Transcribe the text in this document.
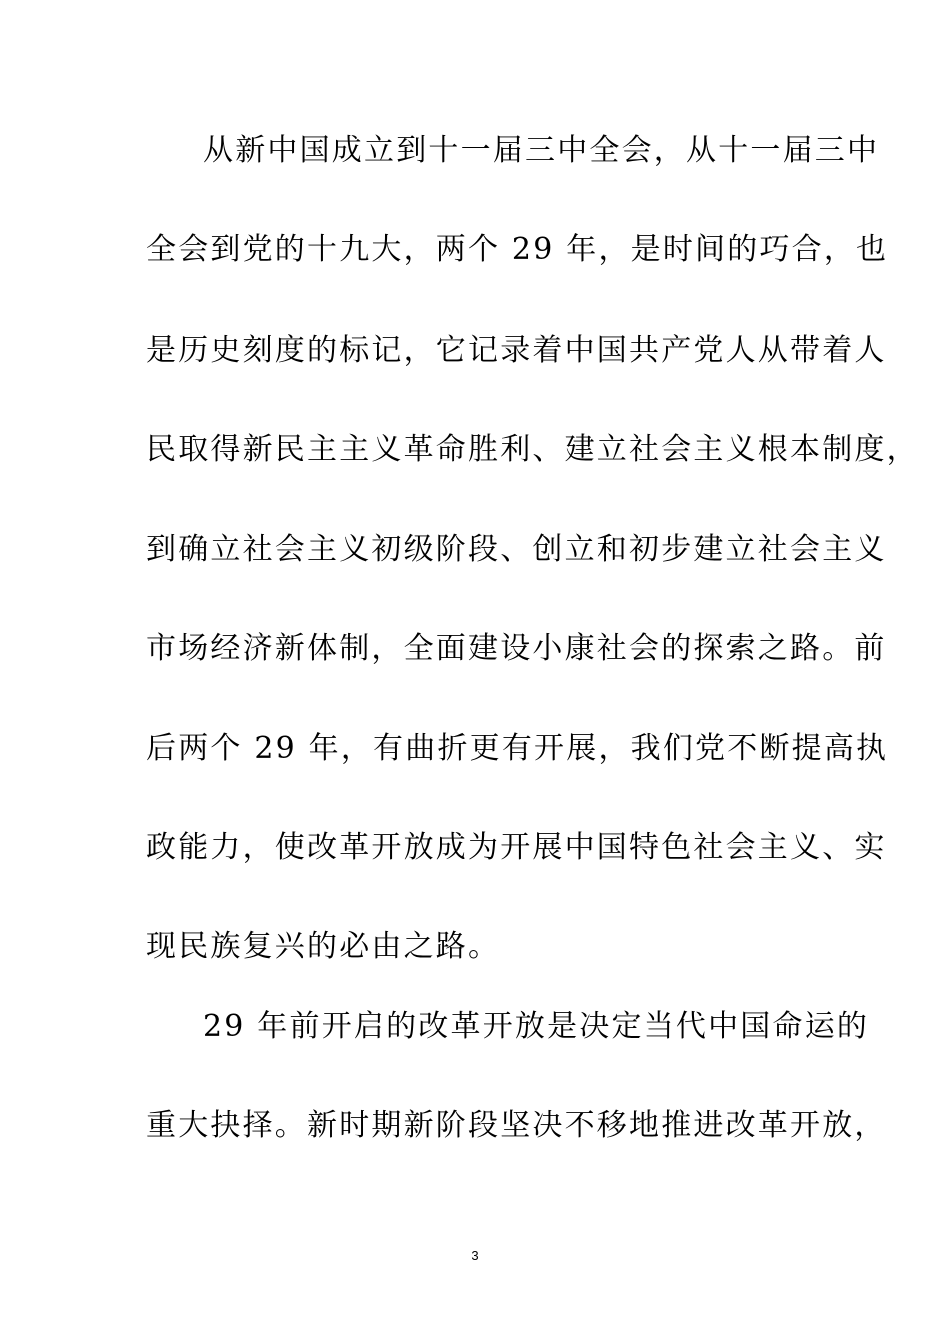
从新中国成立到十一届三中全会，从十一届三中
全会到党的十九大，两个 29 年，是时间的巧合，也
是历史刻度的标记，它记录着中国共产党人从带着人
民取得新民主主义革命胜利、建立社会主义根本制度，
到确立社会主义初级阶段、创立和初步建立社会主义
市场经济新体制，全面建设小康社会的探索之路。前
后两个 29 年，有曲折更有开展，我们党不断提高执
政能力，使改革开放成为开展中国特色社会主义、实
现民族复兴的必由之路。
29 年前开启的改革开放是决定当代中国命运的
重大抉择。新时期新阶段坚决不移地推进改革开放，
3
